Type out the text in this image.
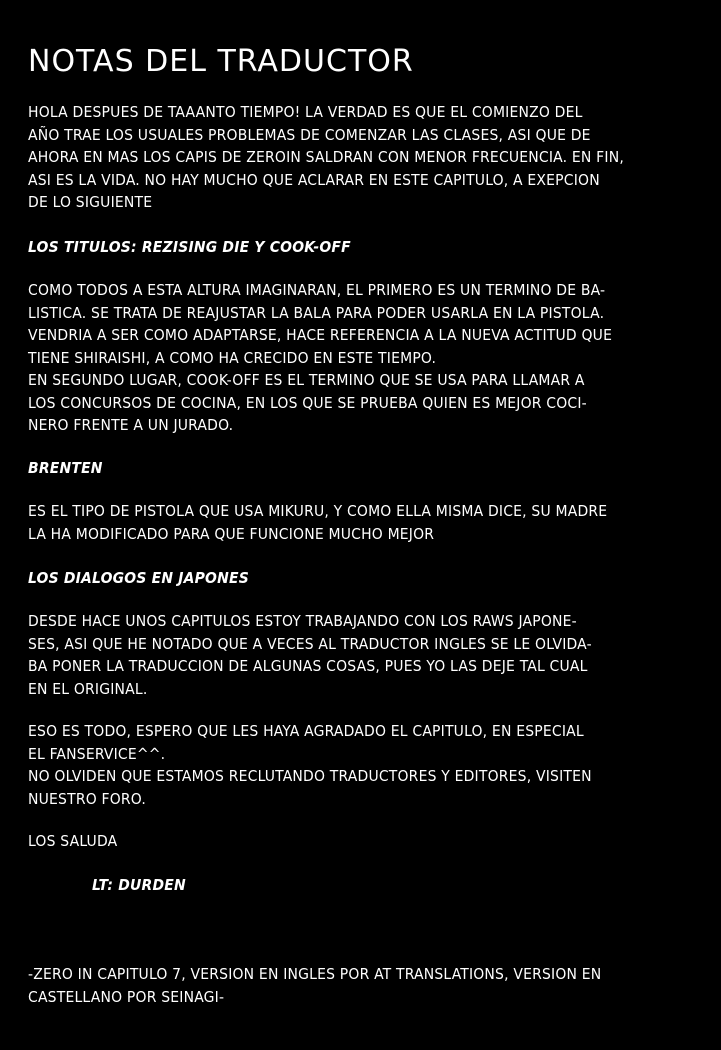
NOTAS DEL TRADUCTOR
HOLA DESPUES DE TAAANTO TIEMPO! LA VERDAD ES QUE EL COMIENZO DEL
AÑO TRAE LOS USUALES PROBLEMAS DE COMENZAR LAS CLASES, ASI QUE DE
AHORA EN MAS LOS CAPIS DE ZEROIN SALDRAN CON MENOR FRECUENCIA. EN FIN,
ASI ES LA VIDA. NO HAY MUCHO QUE ACLARAR EN ESTE CAPITULO, A EXEPCION
DE LO SIGUIENTE
LOS TITULOS: REZISING DIE Y COOK-OFF
COMO TODOS A ESTA ALTURA IMAGINARAN, EL PRIMERO ES UN TERMINO DE BA-
LISTICA. SE TRATA DE REAJUSTAR LA BALA PARA PODER USARLA EN LA PISTOLA.
VENDRIA A SER COMO ADAPTARSE, HACE REFERENCIA A LA NUEVA ACTITUD QUE
TIENE SHIRAISHI, A COMO HA CRECIDO EN ESTE TIEMPO.
EN SEGUNDO LUGAR, COOK-OFF ES EL TERMINO QUE SE USA PARA LLAMAR A
LOS CONCURSOS DE COCINA, EN LOS QUE SE PRUEBA QUIEN ES MEJOR COCI-
NERO FRENTE A UN JURADO.
BRENTEN
ES EL TIPO DE PISTOLA QUE USA MIKURU, Y COMO ELLA MISMA DICE, SU MADRE
LA HA MODIFICADO PARA QUE FUNCIONE MUCHO MEJOR
LOS DIALOGOS EN JAPONES
DESDE HACE UNOS CAPITULOS ESTOY TRABAJANDO CON LOS RAWS JAPONE-
SES, ASI QUE HE NOTADO QUE A VECES AL TRADUCTOR INGLES SE LE OLVIDA-
BA PONER LA TRADUCCION DE ALGUNAS COSAS, PUES YO LAS DEJE TAL CUAL
EN EL ORIGINAL.
ESO ES TODO, ESPERO QUE LES HAYA AGRADADO EL CAPITULO, EN ESPECIAL
EL FANSERVICE^^.
NO OLVIDEN QUE ESTAMOS RECLUTANDO TRADUCTORES Y EDITORES, VISITEN
NUESTRO FORO.
LOS SALUDA
LT: DURDEN
-ZERO IN CAPITULO 7, VERSION EN INGLES POR AT TRANSLATIONS, VERSION EN
CASTELLANO POR SEINAGI-
